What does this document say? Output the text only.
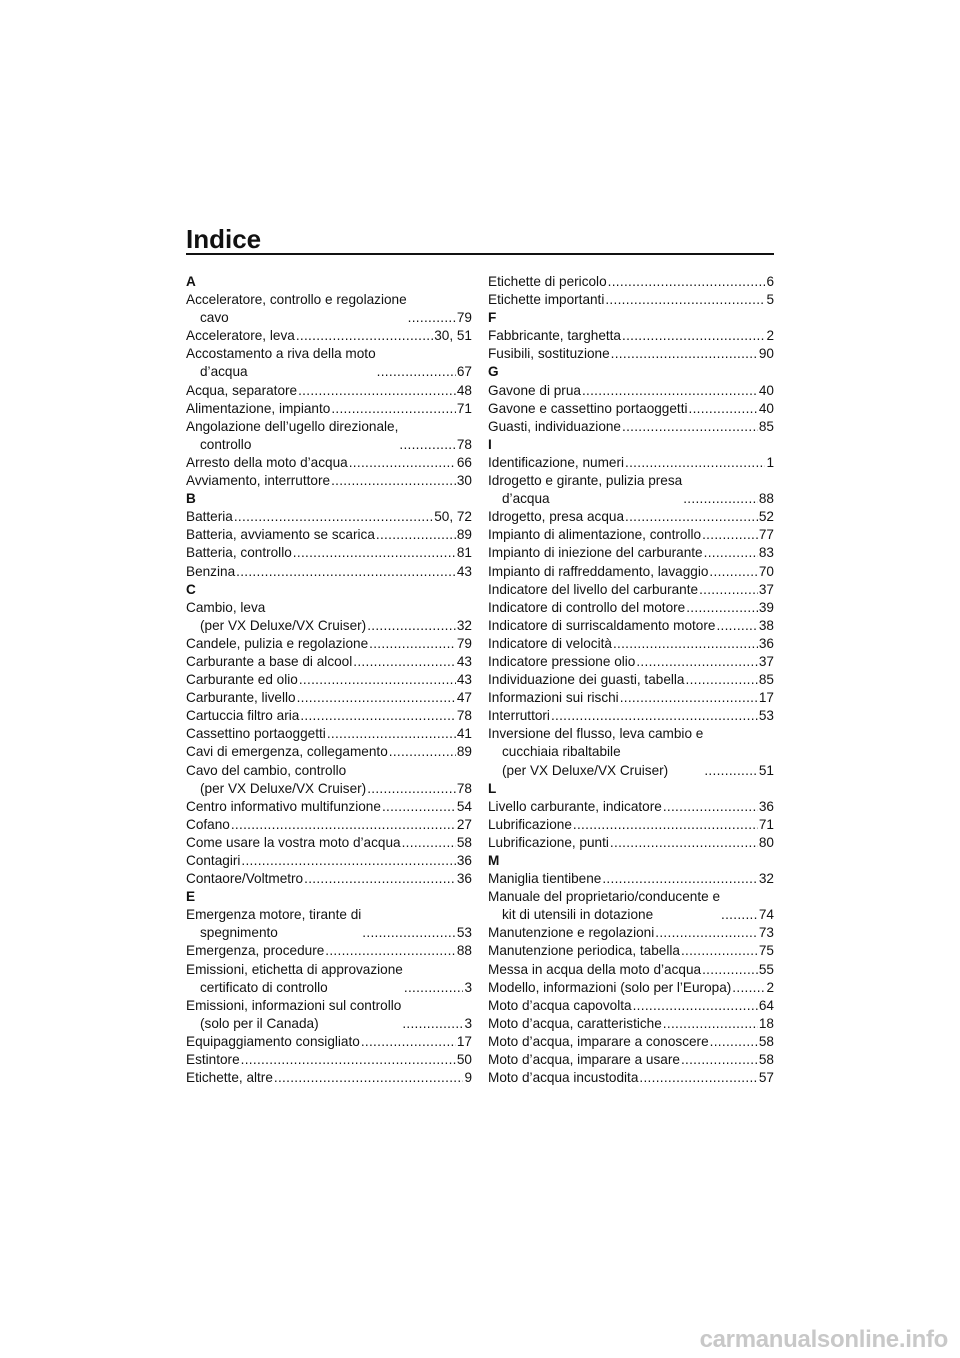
Indice
A
Acceleratore, controllo e regolazione
cavo .....	79
Acceleratore, leva .....	30, 51
Accostamento a riva della moto
d’acqua .....	67
Acqua, separatore .....	48
Alimentazione, impianto .....	71
Angolazione dell’ugello direzionale,
controllo .....	78
Arresto della moto d’acqua .....	66
Avviamento, interruttore .....	30
B
Batteria .....	50, 72
Batteria, avviamento se scarica .....	89
Batteria, controllo .....	81
Benzina .....	43
C
Cambio, leva
(per VX Deluxe/VX Cruiser) .....	32
Candele, pulizia e regolazione .....	79
Carburante a base di alcool .....	43
Carburante ed olio .....	43
Carburante, livello .....	47
Cartuccia filtro aria .....	78
Cassettino portaoggetti .....	41
Cavi di emergenza, collegamento .....	89
Cavo del cambio, controllo
(per VX Deluxe/VX Cruiser) .....	78
Centro informativo multifunzione .....	54
Cofano .....	27
Come usare la vostra moto d’acqua .....	58
Contagiri .....	36
Contaore/Voltmetro .....	36
E
Emergenza motore, tirante di
spegnimento .....	53
Emergenza, procedure .....	88
Emissioni, etichetta di approvazione
certificato di controllo .....	3
Emissioni, informazioni sul controllo
(solo per il Canada) .....	3
Equipaggiamento consigliato .....	17
Estintore .....	50
Etichette, altre .....	9
Etichette di pericolo .....	6
Etichette importanti .....	5
F
Fabbricante, targhetta .....	2
Fusibili, sostituzione .....	90
G
Gavone di prua .....	40
Gavone e cassettino portaoggetti .....	40
Guasti, individuazione .....	85
I
Identificazione, numeri .....	1
Idrogetto e girante, pulizia presa
d’acqua .....	88
Idrogetto, presa acqua .....	52
Impianto di alimentazione, controllo .....	77
Impianto di iniezione del carburante .....	83
Impianto di raffreddamento, lavaggio .....	70
Indicatore del livello del carburante .....	37
Indicatore di controllo del motore .....	39
Indicatore di surriscaldamento motore .....	38
Indicatore di velocità .....	36
Indicatore pressione olio .....	37
Individuazione dei guasti, tabella .....	85
Informazioni sui rischi .....	17
Interruttori .....	53
Inversione del flusso, leva cambio e
cucchiaia ribaltabile
(per VX Deluxe/VX Cruiser) .....	51
L
Livello carburante, indicatore .....	36
Lubrificazione .....	71
Lubrificazione, punti .....	80
M
Maniglia tientibene .....	32
Manuale del proprietario/conducente e
kit di utensili in dotazione .....	74
Manutenzione e regolazioni .....	73
Manutenzione periodica, tabella .....	75
Messa in acqua della moto d’acqua .....	55
Modello, informazioni (solo per l’Europa) .....	2
Moto d’acqua capovolta .....	64
Moto d’acqua, caratteristiche .....	18
Moto d’acqua, imparare a conoscere .....	58
Moto d’acqua, imparare a usare .....	58
Moto d’acqua incustodita .....	57
carmanualsonline.info
